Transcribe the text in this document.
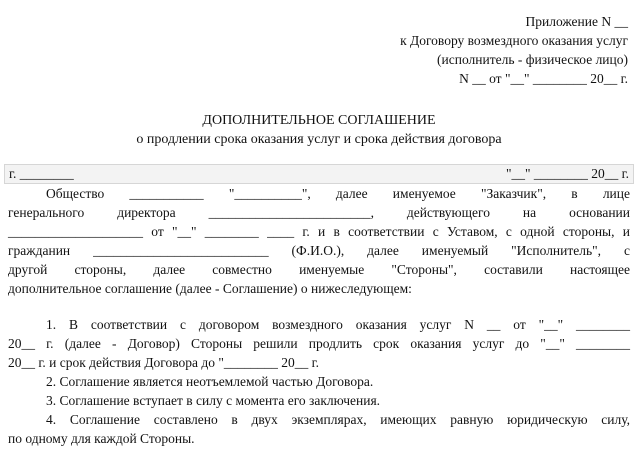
Приложение N __
к Договору возмездного оказания услуг
(исполнитель - физическое лицо)
N __ от "__" ________ 20__ г.
ДОПОЛНИТЕЛЬНОЕ СОГЛАШЕНИЕ
о продлении срока оказания услуг и срока действия договора
г. ________	"__" ________ 20__ г.
Общество ___________ "__________", далее именуемое "Заказчик", в лице
генерального директора ________________________, действующего на основании
____________________ от "__" ________ ____ г. и в соответствии с Уставом, с одной стороны, и
гражданин __________________________ (Ф.И.О.), далее именуемый "Исполнитель", с
другой стороны, далее совместно именуемые "Стороны", составили настоящее
дополнительное соглашение (далее - Соглашение) о нижеследующем:
1. В соответствии с договором возмездного оказания услуг N __ от "__" ________
20__ г. (далее - Договор) Стороны решили продлить срок оказания услуг до "__" ________
20__ г. и срок действия Договора до "________ 20__ г.
2. Соглашение является неотъемлемой частью Договора.
3. Соглашение вступает в силу с момента его заключения.
4. Соглашение составлено в двух экземплярах, имеющих равную юридическую силу,
по одному для каждой Стороны.
